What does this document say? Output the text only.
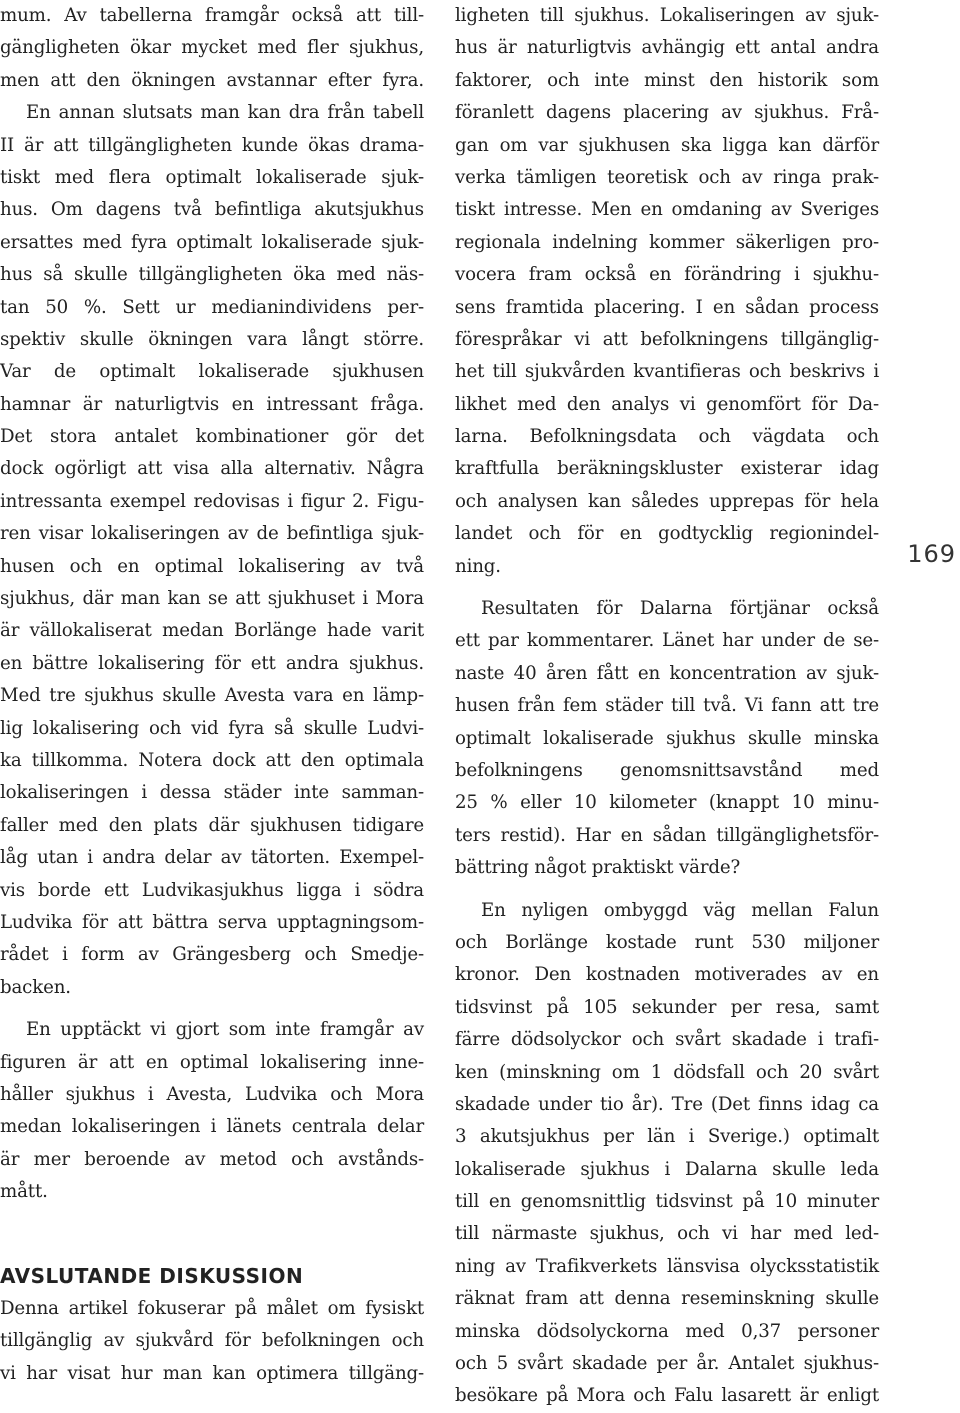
mum. Av tabellerna framgår också att till-
gängligheten ökar mycket med fler sjukhus,
men att den ökningen avstannar efter fyra.
En annan slutsats man kan dra från tabell
II är att tillgängligheten kunde ökas drama-
tiskt med flera optimalt lokaliserade sjuk-
hus. Om dagens två befintliga akutsjukhus
ersattes med fyra optimalt lokaliserade sjuk-
hus så skulle tillgängligheten öka med näs-
tan 50 %. Sett ur medianindividens per-
spektiv skulle ökningen vara långt större.
Var de optimalt lokaliserade sjukhusen
hamnar är naturligtvis en intressant fråga.
Det stora antalet kombinationer gör det
dock ogörligt att visa alla alternativ. Några
intressanta exempel redovisas i figur 2. Figu-
ren visar lokaliseringen av de befintliga sjuk-
husen och en optimal lokalisering av två
sjukhus, där man kan se att sjukhuset i Mora
är vällokaliserat medan Borlänge hade varit
en bättre lokalisering för ett andra sjukhus.
Med tre sjukhus skulle Avesta vara en lämp-
lig lokalisering och vid fyra så skulle Ludvi-
ka tillkomma. Notera dock att den optimala
lokaliseringen i dessa städer inte samman-
faller med den plats där sjukhusen tidigare
låg utan i andra delar av tätorten. Exempel-
vis borde ett Ludvikasjukhus ligga i södra
Ludvika för att bättra serva upptagningsom-
rådet i form av Grängesberg och Smedje-
backen.
En upptäckt vi gjort som inte framgår av
figuren är att en optimal lokalisering inne-
håller sjukhus i Avesta, Ludvika och Mora
medan lokaliseringen i länets centrala delar
är mer beroende av metod och avstånds-
mått.
AVSLUTANDE DISKUSSION
Denna artikel fokuserar på målet om fysiskt
tillgänglig av sjukvård för befolkningen och
vi har visat hur man kan optimera tillgäng-
ligheten till sjukhus. Lokaliseringen av sjuk-
hus är naturligtvis avhängig ett antal andra
faktorer, och inte minst den historik som
föranlett dagens placering av sjukhus. Frå-
gan om var sjukhusen ska ligga kan därför
verka tämligen teoretisk och av ringa prak-
tiskt intresse. Men en omdaning av Sveriges
regionala indelning kommer säkerligen pro-
vocera fram också en förändring i sjukhu-
sens framtida placering. I en sådan process
förespråkar vi att befolkningens tillgänglig-
het till sjukvården kvantifieras och beskrivs i
likhet med den analys vi genomfört för Da-
larna. Befolkningsdata och vägdata och
kraftfulla beräkningskluster existerar idag
och analysen kan således upprepas för hela
landet och för en godtycklig regionindel-
ning.
Resultaten för Dalarna förtjänar också
ett par kommentarer. Länet har under de se-
naste 40 åren fått en koncentration av sjuk-
husen från fem städer till två. Vi fann att tre
optimalt lokaliserade sjukhus skulle minska
befolkningens genomsnittsavstånd med
25 % eller 10 kilometer (knappt 10 minu-
ters restid). Har en sådan tillgänglighetsför-
bättring något praktiskt värde?
En nyligen ombyggd väg mellan Falun
och Borlänge kostade runt 530 miljoner
kronor. Den kostnaden motiverades av en
tidsvinst på 105 sekunder per resa, samt
färre dödsolyckor och svårt skadade i trafi-
ken (minskning om 1 dödsfall och 20 svårt
skadade under tio år). Tre (Det finns idag ca
3 akutsjukhus per län i Sverige.) optimalt
lokaliserade sjukhus i Dalarna skulle leda
till en genomsnittlig tidsvinst på 10 minuter
till närmaste sjukhus, och vi har med led-
ning av Trafikverkets länsvisa olycksstatistik
räknat fram att denna reseminskning skulle
minska dödsolyckorna med 0,37 personer
och 5 svårt skadade per år. Antalet sjukhus-
besökare på Mora och Falu lasarett är enligt
169
